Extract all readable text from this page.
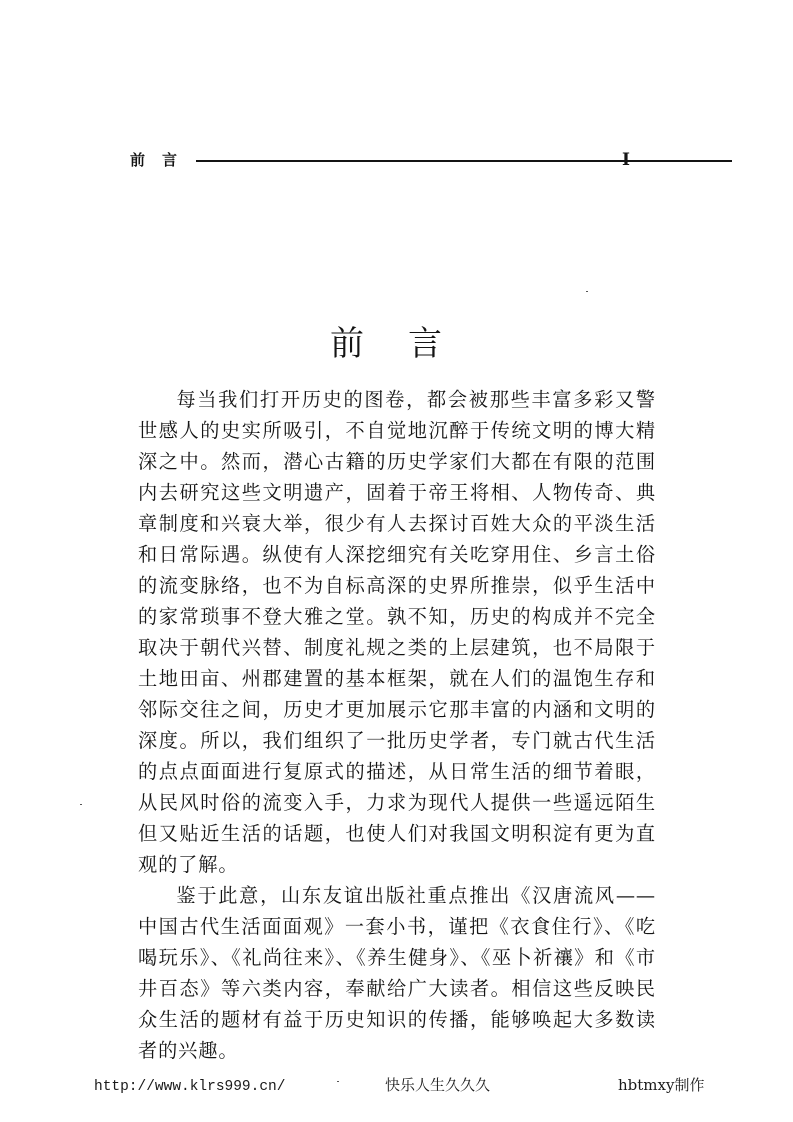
前言	I
前言

每当我们打开历史的图卷，都会被那些丰富多彩又警世感人的史实所吸引，不自觉地沉醉于传统文明的博大精深之中。然而，潜心古籍的历史学家们大都在有限的范围内去研究这些文明遗产，固着于帝王将相、人物传奇、典章制度和兴衰大举，很少有人去探讨百姓大众的平淡生活和日常际遇。纵使有人深挖细究有关吃穿用住、乡言土俗的流变脉络，也不为自标高深的史界所推崇，似乎生活中的家常琐事不登大雅之堂。孰不知，历史的构成并不完全取决于朝代兴替、制度礼规之类的上层建筑，也不局限于土地田亩、州郡建置的基本框架，就在人们的温饱生存和邻际交往之间，历史才更加展示它那丰富的内涵和文明的深度。所以，我们组织了一批历史学者，专门就古代生活的点点面面进行复原式的描述，从日常生活的细节着眼，从民风时俗的流变入手，力求为现代人提供一些遥远陌生但又贴近生活的话题，也使人们对我国文明积淀有更为直观的了解。

鉴于此意，山东友谊出版社重点推出《汉唐流风——中国古代生活面面观》一套小书，谨把《衣食住行》、《吃喝玩乐》、《礼尚往来》、《养生健身》、《巫卜祈禳》和《市井百态》等六类内容，奉献给广大读者。相信这些反映民众生活的题材有益于历史知识的传播，能够唤起大多数读者的兴趣。

http://www.klrs999.cn/	快乐人生久久久	hbtmxy制作
